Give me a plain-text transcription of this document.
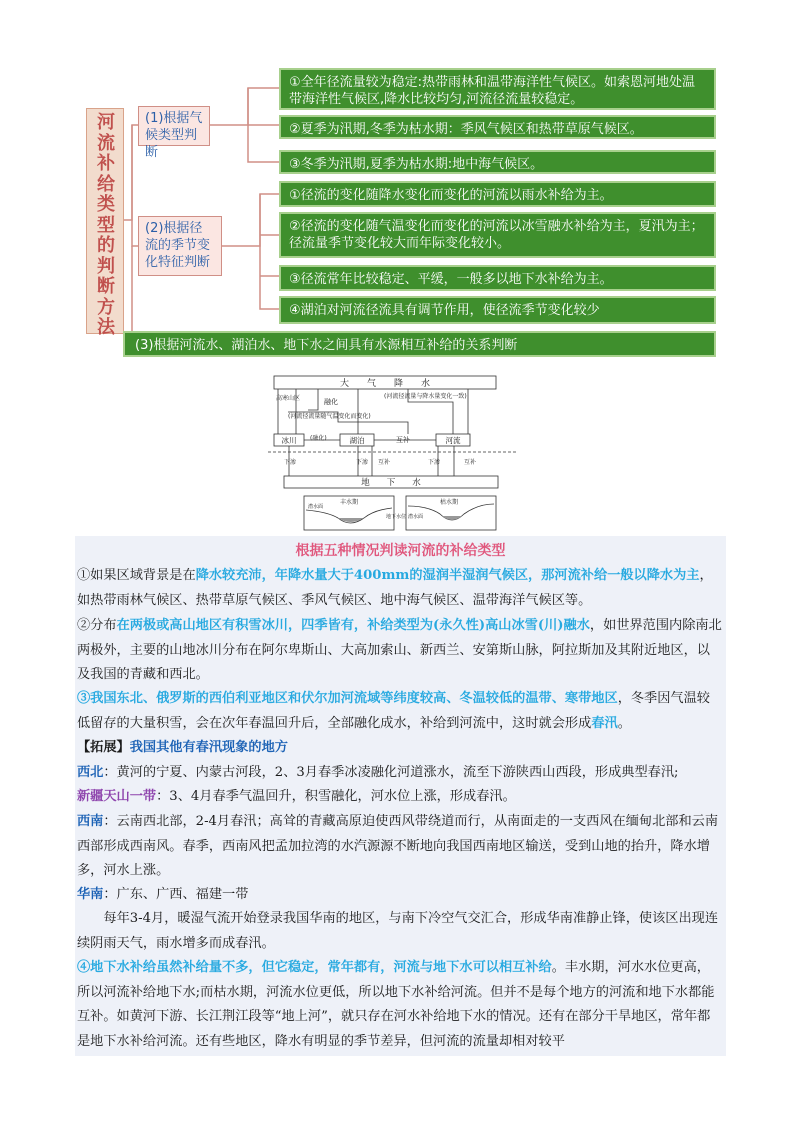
河
流
补
给
类
型
的
判
断
方
法
(1)根据气候类型判断
(2)根据径流的季节变化特征判断
①全年径流量较为稳定:热带雨林和温带海洋性气候区。如索恩河地处温带海洋性气候区,降水比较均匀,河流径流量较稳定。
②夏季为汛期,冬季为枯水期：季风气候区和热带草原气候区。
③冬季为汛期,夏季为枯水期:地中海气候区。
①径流的变化随降水变化而变化的河流以雨水补给为主。
②径流的变化随气温变化而变化的河流以冰雪融水补给为主，夏汛为主；径流量季节变化较大而年际变化较小。
③径流常年比较稳定、平缓，一般多以地下水补给为主。
④湖泊对河流径流具有调节作用，使径流季节变化较少
(3)根据河流水、湖泊水、地下水之间具有水源相互补给的关系判断
大　　气　　降　　水
高寒山区	融化
(河流径流量与降水量变化一致)
(河流径流量随气温变化而变化)
冰川 (融化)	湖泊	互补	河流
下渗	下渗 互补	下渗	互补
地　　下　　水
丰水期	枯水期
潜水面
潜水面
地下水位
根据五种情况判读河流的补给类型
①如果区域背景是在降水较充沛，年降水量大于400mm的湿润半湿润气候区，那河流补给一般以降水为主，如热带雨林气候区、热带草原气候区、季风气候区、地中海气候区、温带海洋气候区等。
②分布在两极或高山地区有积雪冰川，四季皆有，补给类型为(永久性)高山冰雪(川)融水，如世界范围内除南北两极外，主要的山地冰川分布在阿尔卑斯山、大高加索山、新西兰、安第斯山脉，阿拉斯加及其附近地区，以及我国的青藏和西北。
③我国东北、俄罗斯的西伯利亚地区和伏尔加河流域等纬度较高、冬温较低的温带、寒带地区，冬季因气温较低留存的大量积雪，会在次年春温回升后，全部融化成水，补给到河流中，这时就会形成春汛。
【拓展】我国其他有春汛现象的地方
西北：黄河的宁夏、内蒙古河段，2、3月春季冰凌融化河道涨水，流至下游陕西山西段，形成典型春汛;
新疆天山一带：3、4月春季气温回升，积雪融化，河水位上涨，形成春汛。
西南：云南西北部，2-4月春汛；高耸的青藏高原迫使西风带绕道而行，从南面走的一支西风在缅甸北部和云南西部形成西南风。春季，西南风把孟加拉湾的水汽源源不断地向我国西南地区输送，受到山地的抬升，降水增多，河水上涨。
华南：广东、广西、福建一带
每年3-4月，暖湿气流开始登录我国华南的地区，与南下冷空气交汇合，形成华南准静止锋，使该区出现连续阴雨天气，雨水增多而成春汛。
④地下水补给虽然补给量不多，但它稳定，常年都有，河流与地下水可以相互补给。丰水期，河水水位更高，所以河流补给地下水;而枯水期，河流水位更低，所以地下水补给河流。但并不是每个地方的河流和地下水都能互补。如黄河下游、长江荆江段等“地上河”，就只存在河水补给地下水的情况。还有在部分干旱地区，常年都是地下水补给河流。还有些地区，降水有明显的季节差异，但河流的流量却相对较平
